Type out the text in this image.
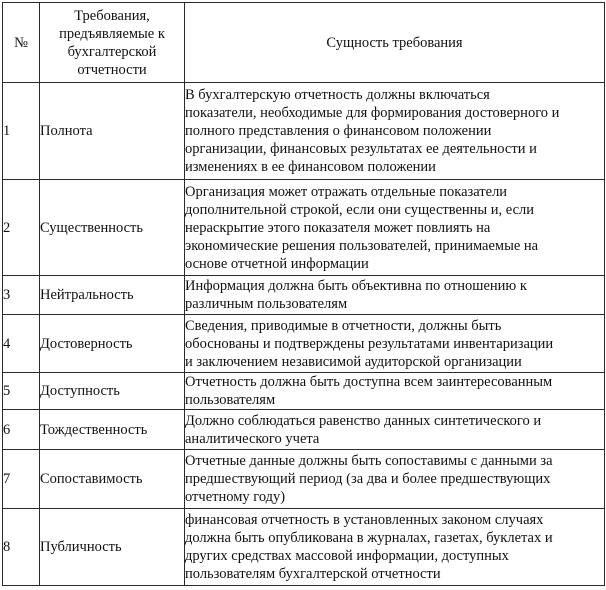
№	Требования,
предъявляемые к
бухгалтерской
отчетности	Сущность требования
1	Полнота	В бухгалтерскую отчетность должны включаться
показатели, необходимые для формирования достоверного и
полного представления о финансовом положении
организации, финансовых результатах ее деятельности и
изменениях в ее финансовом положении

2	Существенность	Организация может отражать отдельные показатели
дополнительной строкой, если они существенны и, если
нераскрытие этого показателя может повлиять на
экономические решения пользователей, принимаемые на
основе отчетной информации

3	Нейтральность	Информация должна быть объективна по отношению к
различным пользователям

4	Достоверность	Сведения, приводимые в отчетности, должны быть
обоснованы и подтверждены результатами инвентаризации
и заключением независимой аудиторской организации

5	Доступность	Отчетность должна быть доступна всем заинтересованным
пользователям

6	Тождественность	Должно соблюдаться равенство данных синтетического и
аналитического учета

7	Сопоставимость	Отчетные данные должны быть сопоставимы с данными за
предшествующий период (за два и более предшествующих
отчетному году)

8	Публичность	финансовая отчетность в установленных законом случаях
должна быть опубликована в журналах, газетах, буклетах и
других средствах массовой информации, доступных
пользователям бухгалтерской отчетности
